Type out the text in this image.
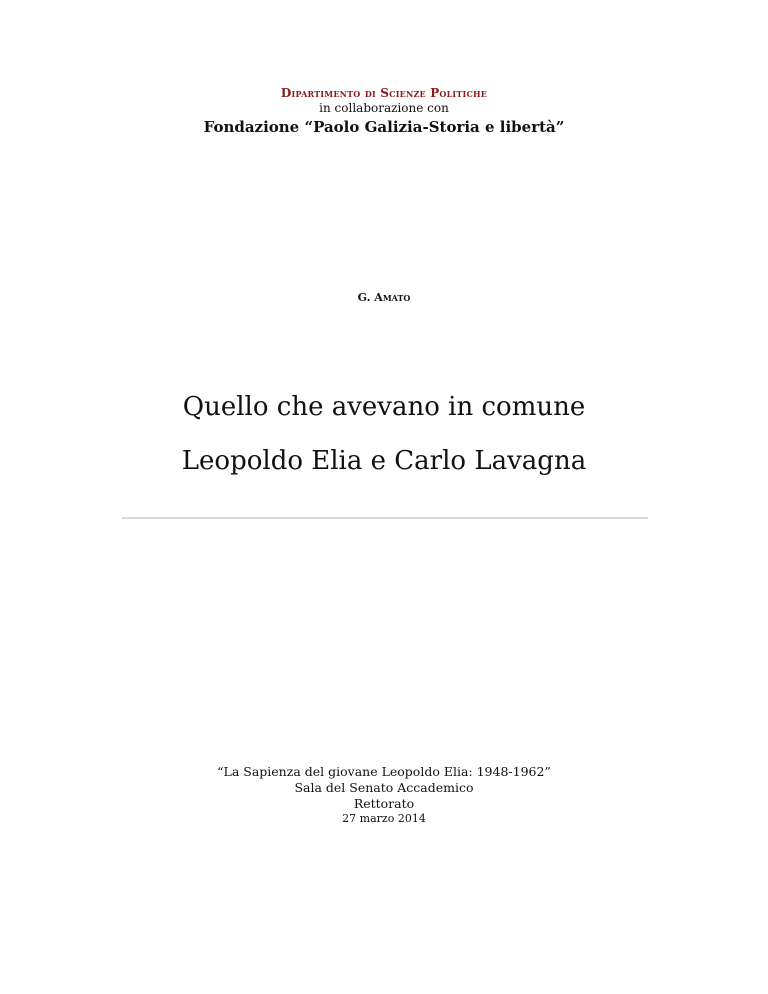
Dipartimento di Scienze Politiche
in collaborazione con
Fondazione “Paolo Galizia-Storia e libertà”
G. Amato
Quello che avevano in comune
Leopoldo Elia e Carlo Lavagna
“La Sapienza del giovane Leopoldo Elia: 1948-1962”
Sala del Senato Accademico
Rettorato
27 marzo 2014
